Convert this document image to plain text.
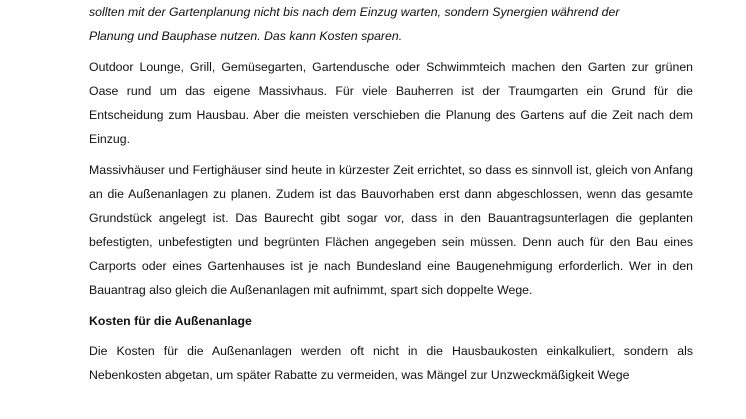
sollten mit der Gartenplanung nicht bis nach dem Einzug warten, sondern Synergien während der
Planung und Bauphase nutzen. Das kann Kosten sparen.

Outdoor Lounge, Grill, Gemüsegarten, Gartendusche oder Schwimmteich machen den Garten zur grünen Oase rund um das eigene Massivhaus. Für viele Bauherren ist der Traumgarten ein Grund für die Entscheidung zum Hausbau. Aber die meisten verschieben die Planung des Gartens auf die Zeit nach dem Einzug.

Massivhäuser und Fertighäuser sind heute in kürzester Zeit errichtet, so dass es sinnvoll ist, gleich von Anfang an die Außenanlagen zu planen. Zudem ist das Bauvorhaben erst dann abgeschlossen, wenn das gesamte Grundstück angelegt ist. Das Baurecht gibt sogar vor, dass in den Bauantragsunterlagen die geplanten befestigten, unbefestigten und begrünten Flächen angegeben sein müssen. Denn auch für den Bau eines Carports oder eines Gartenhauses ist je nach Bundesland eine Baugenehmigung erforderlich. Wer in den Bauantrag also gleich die Außenanlagen mit aufnimmt, spart sich doppelte Wege.

Kosten für die Außenanlage

Die Kosten für die Außenanlagen werden oft nicht in die Hausbaukosten einkalkuliert, sondern als Nebenkosten abgetan, um später Rabatte zu vermeiden, was Mängel zur Unzweckmäßigkeit Wege
